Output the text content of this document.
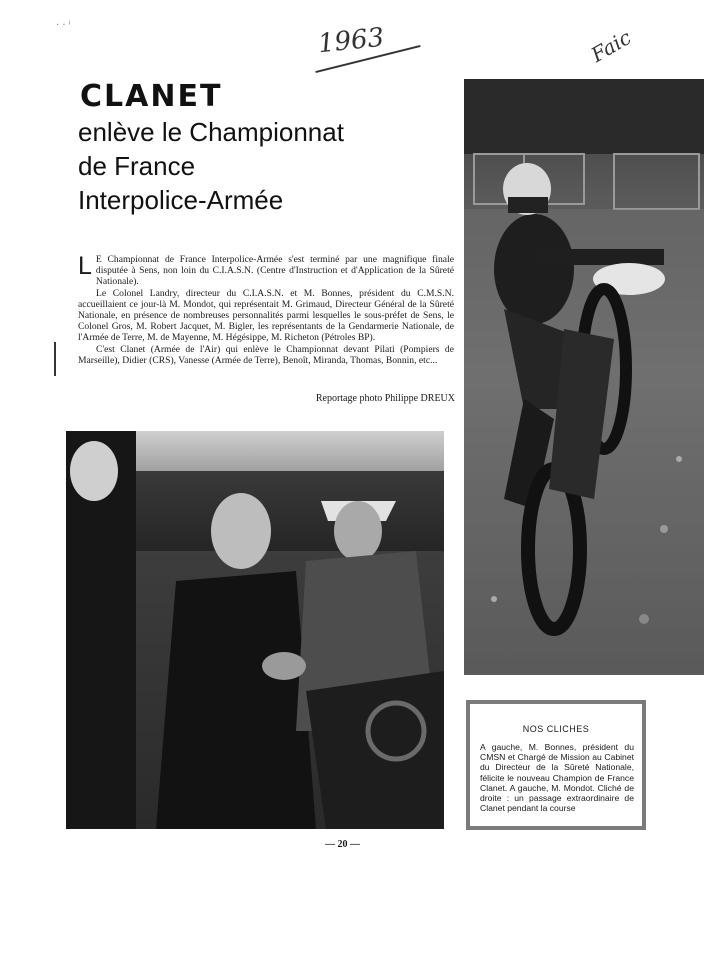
· · ⁱ	1963	Faic
CLANET
enlève le Championnat
de France
Interpolice-Armée

L E Championnat de France Interpolice-Armée s'est terminé par une magnifique finale disputée à Sens, non loin du C.I.A.S.N. (Centre d'Instruction et d'Application de la Sûreté Nationale).

Le Colonel Landry, directeur du C.I.A.S.N. et M. Bonnes, président du C.M.S.N. accueillaient ce jour-là M. Mondot, qui représentait M. Grimaud, Directeur Général de la Sûreté Nationale, en présence de nombreuses personnalités parmi lesquelles le sous-préfet de Sens, le Colonel Gros, M. Robert Jacquet, M. Bigler, les représentants de la Gendarmerie Nationale, de l'Armée de Terre, M. de Mayenne, M. Hégésippe, M. Richeton (Pétroles BP).

C'est Clanet (Armée de l'Air) qui enlève le Championnat devant Pilati (Pompiers de Marseille), Didier (CRS), Vanesse (Armée de Terre), Benoît, Miranda, Thomas, Bonnin, etc...

Reportage photo Philippe DREUX
NOS CLICHES
A gauche, M. Bonnes, président du CMSN et Chargé de Mission au Cabinet du Directeur de la Sûreté Nationale, félicite le nouveau Champion de France Clanet. A gauche, M. Mondot. Cliché de droite : un passage extraordinaire de Clanet pendant la course
— 20 —
